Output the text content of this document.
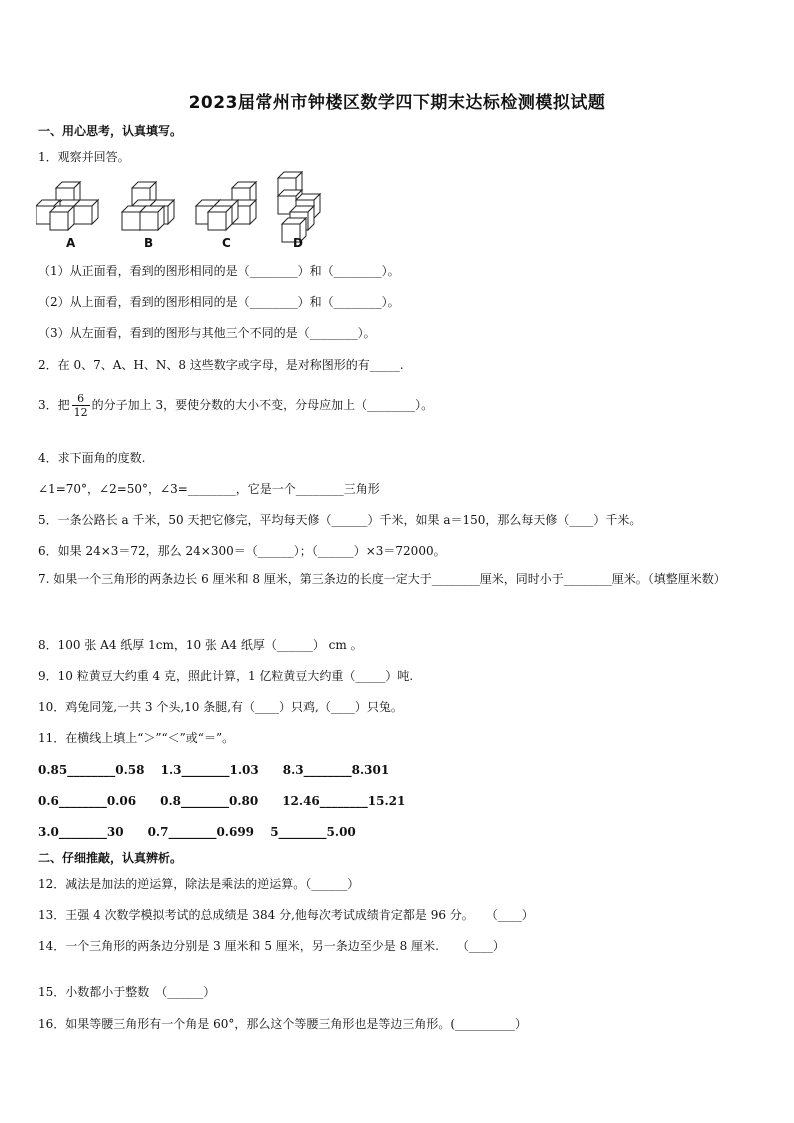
2023届常州市钟楼区数学四下期末达标检测模拟试题
一、用心思考，认真填写。
1．观察并回答。
A	B	C	D
（1）从正面看，看到的图形相同的是（________）和（________）。
（2）从上面看，看到的图形相同的是（________）和（________）。
（3）从左面看，看到的图形与其他三个不同的是（________）。
2．在 0、7、A、H、N、8 这些数字或字母，是对称图形的有_____.
3．把 $\frac{6}{12}$ 的分子加上 3，要使分数的大小不变，分母应加上（________）。
4．求下面角的度数.
∠1=70°，∠2=50°，∠3=________，它是一个________三角形
5．一条公路长 a 千米，50 天把它修完，平均每天修（______）千米，如果 a＝150，那么每天修（____）千米。
6．如果 24×3＝72，那么 24×300＝（______）；（______）×3＝72000。
7. 如果一个三角形的两条边长 6 厘米和 8 厘米，第三条边的长度一定大于________厘米，同时小于________厘米。（填整厘米数）
8．100 张 A4 纸厚 1cm，10 张 A4 纸厚（______） cm 。
9．10 粒黄豆大约重 4 克，照此计算，1 亿粒黄豆大约重（_____）吨.
10．鸡兔同笼,一共 3 个头,10 条腿,有（____）只鸡,（____）只兔。
11．在横线上填上“＞”“＜”或“＝”。
0.85________0.58　 1.3________1.03　　8.3________8.301
0.6________0.06　　0.8________0.80　　12.46________15.21
3.0________30　　0.7________0.699　 5________5.00
二、仔细推敲，认真辨析。
12．减法是加法的逆运算，除法是乘法的逆运算。（______）
13．王强 4 次数学模拟考试的总成绩是 384 分,他每次考试成绩肯定都是 96 分。　　（____）
14．一个三角形的两条边分别是 3 厘米和 5 厘米，另一条边至少是 8 厘米.　　（____）
15．小数都小于整数　（______）
16．如果等腰三角形有一个角是 60°，那么这个等腰三角形也是等边三角形。(__________）
